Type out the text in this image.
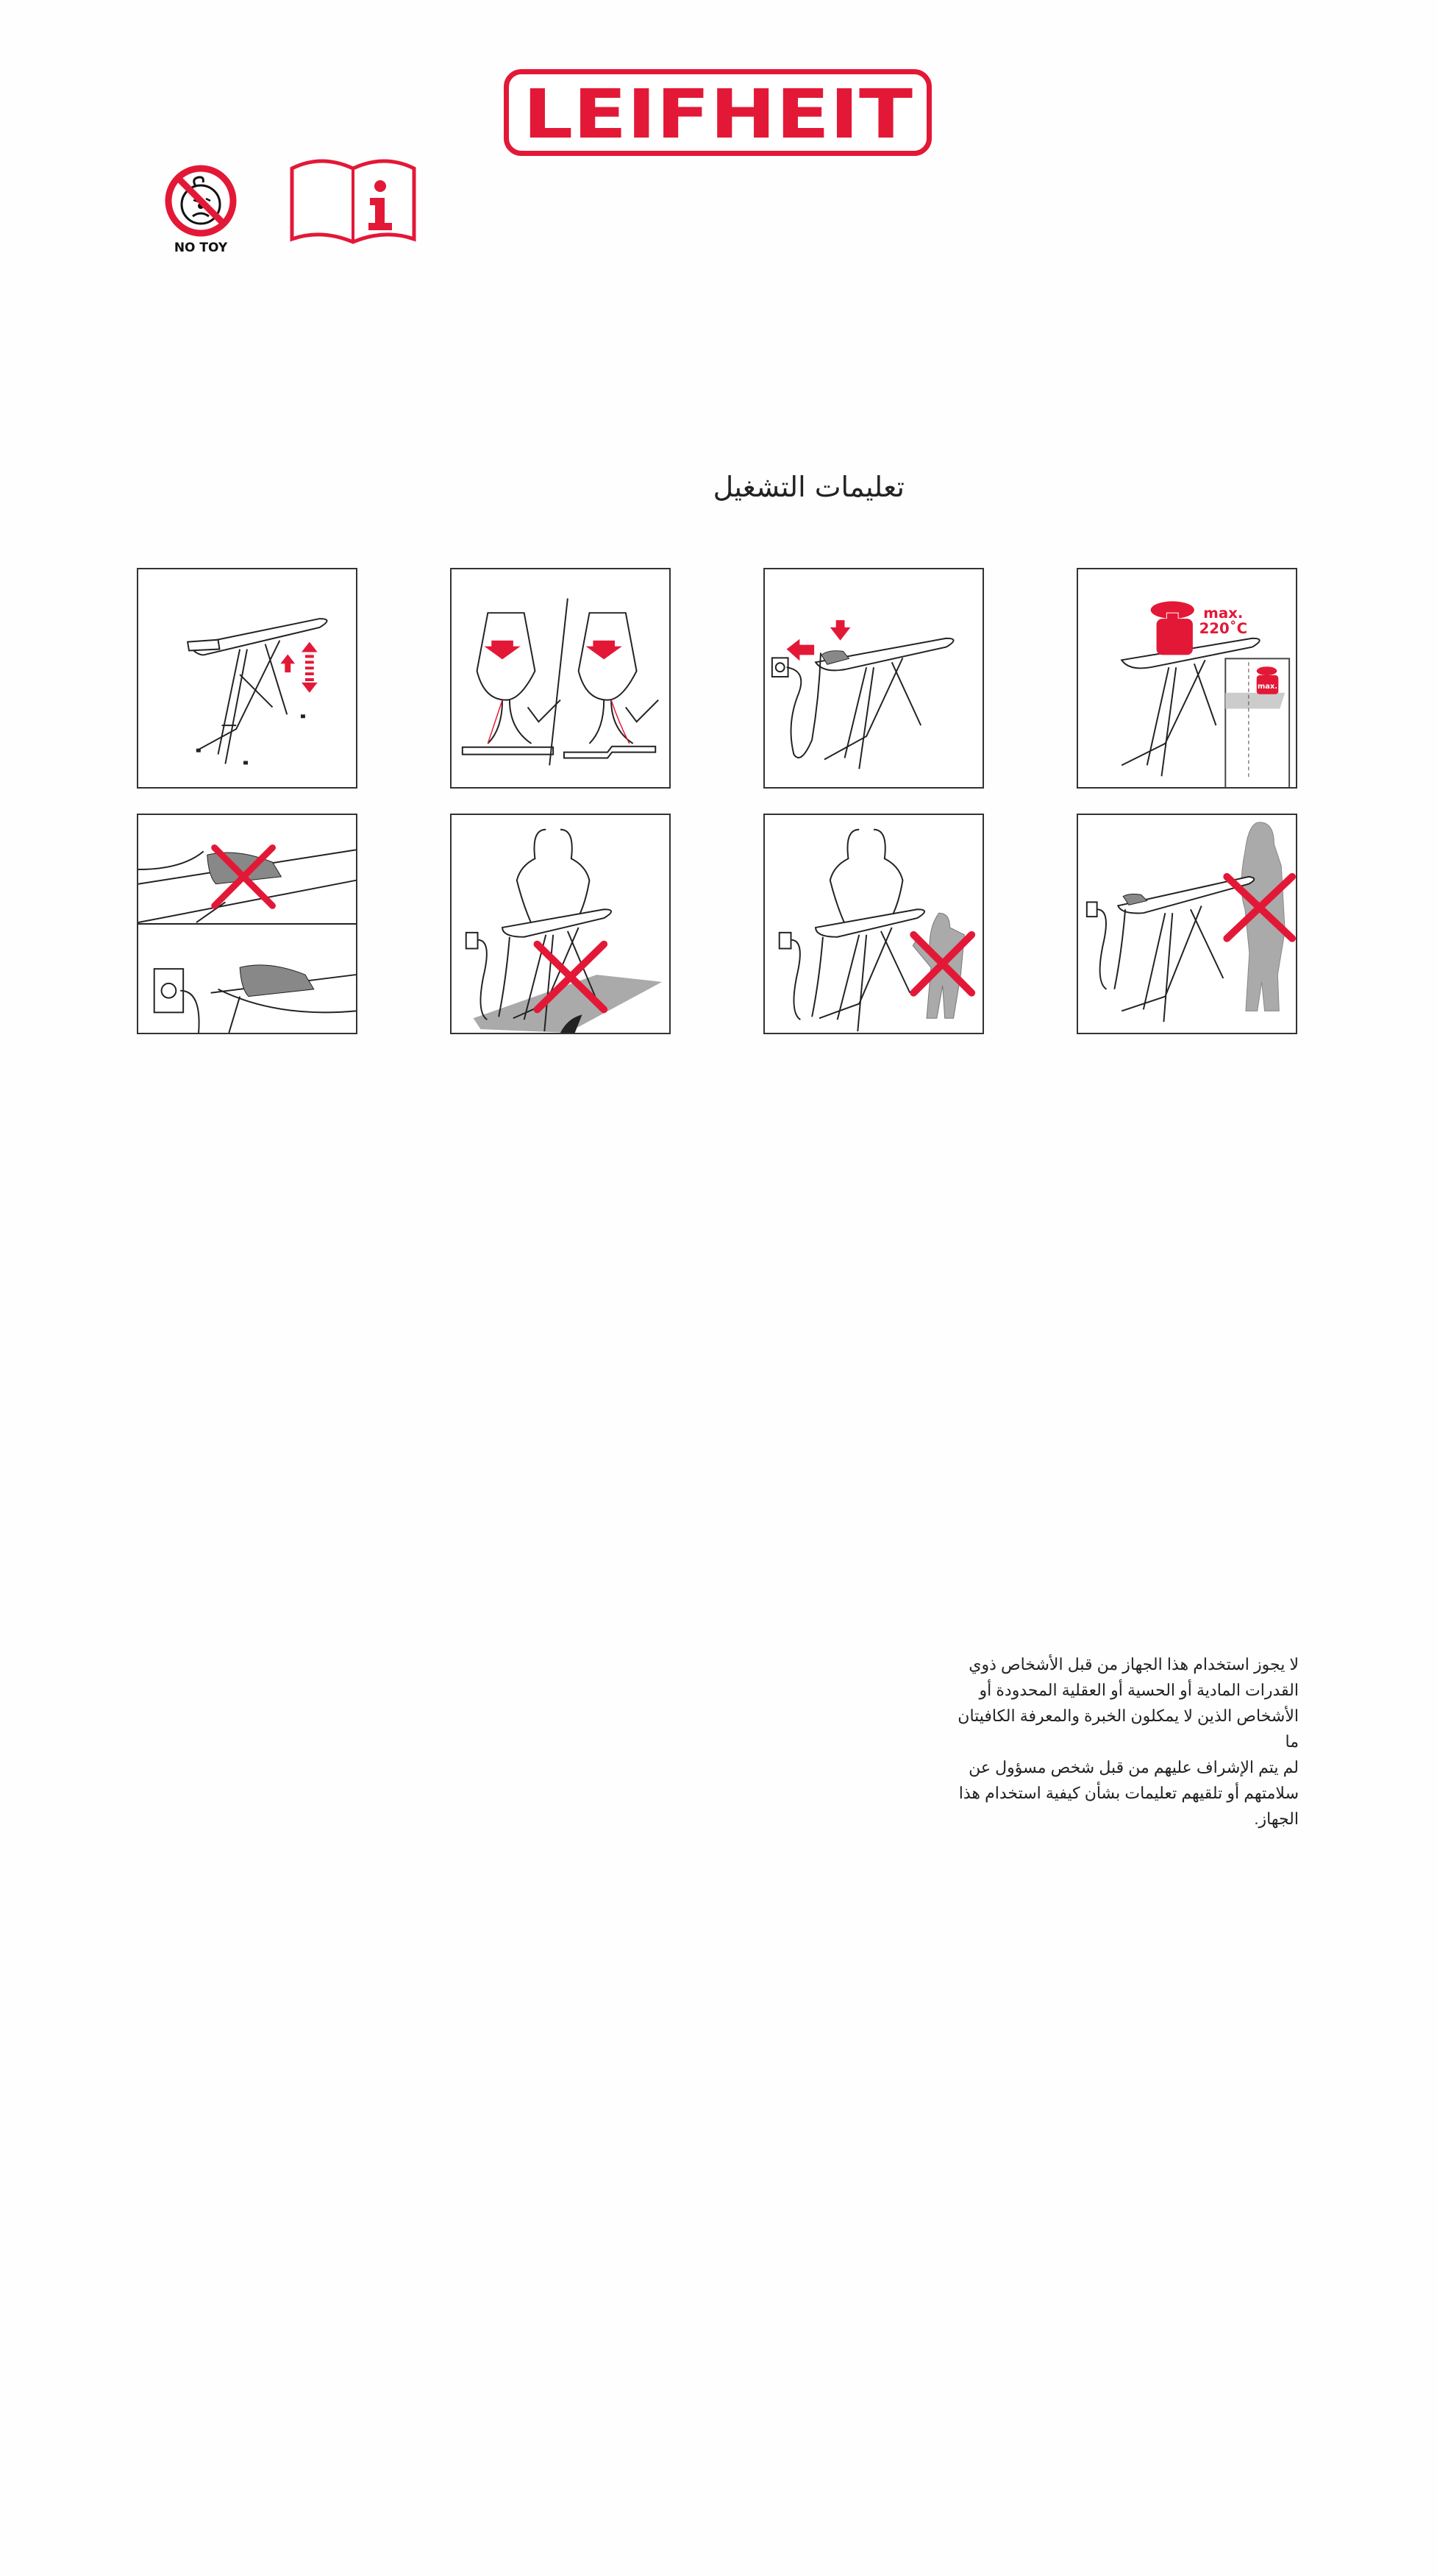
LEIFHEIT
NO TOY
تعليمات التشغيل
max.
220˚C
max.

لا يجوز استخدام هذا الجهاز من قبل الأشخاص ذوي

القدرات المادية أو الحسية أو العقلية المحدودة أو

الأشخاص الذين لا يمكلون الخبرة والمعرفة الكافيتان ما

لم يتم الإشراف عليهم من قبل شخص مسؤول عن

سلامتهم أو تلقيهم تعليمات بشأن كيفية استخدام هذا

الجهاز.
